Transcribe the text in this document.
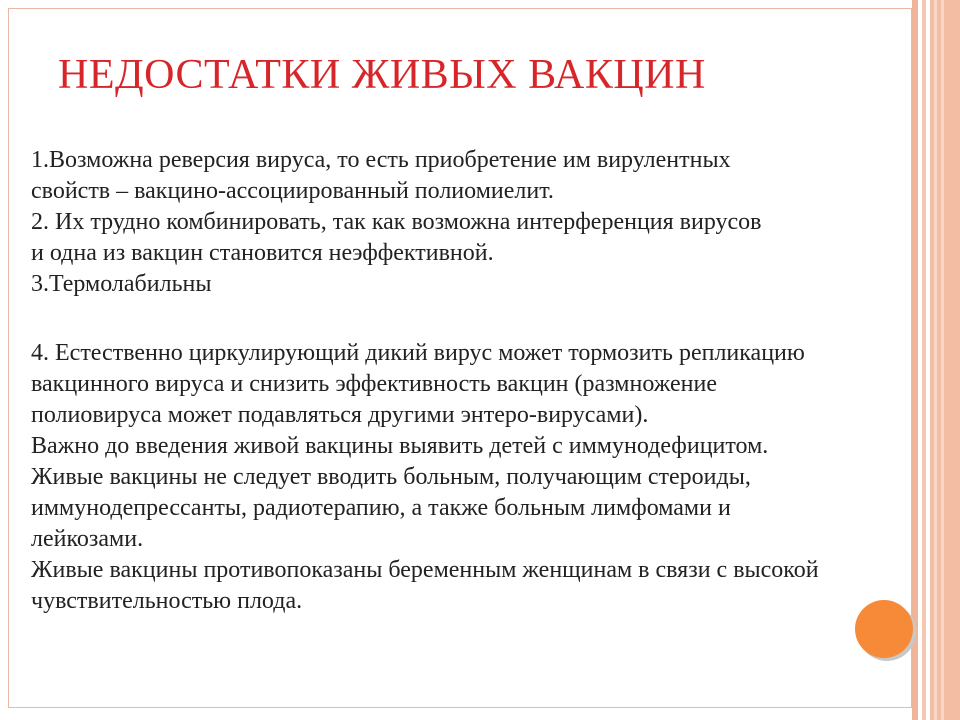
НЕДОСТАТКИ ЖИВЫХ ВАКЦИН

1.Возможна реверсия вируса, то есть приобретение им вирулентных свойств – вакцино-ассоциированный полиомиелит.

2. Их трудно комбинировать, так как возможна интерференция вирусов и одна из вакцин становится неэффективной.

3.Термолабильны

4. Естественно циркулирующий дикий вирус может тормозить репликацию вакцинного вируса и снизить эффективность вакцин (размножение полиовируса может подавляться другими энтеро-вирусами).

Важно до введения живой вакцины выявить детей с иммунодефицитом. Живые вакцины не следует вводить больным, получающим стероиды, иммунодепрессанты, радиотерапию, а также больным лимфомами и лейкозами.

Живые вакцины противопоказаны беременным женщинам в связи с высокой чувствительностью плода.
